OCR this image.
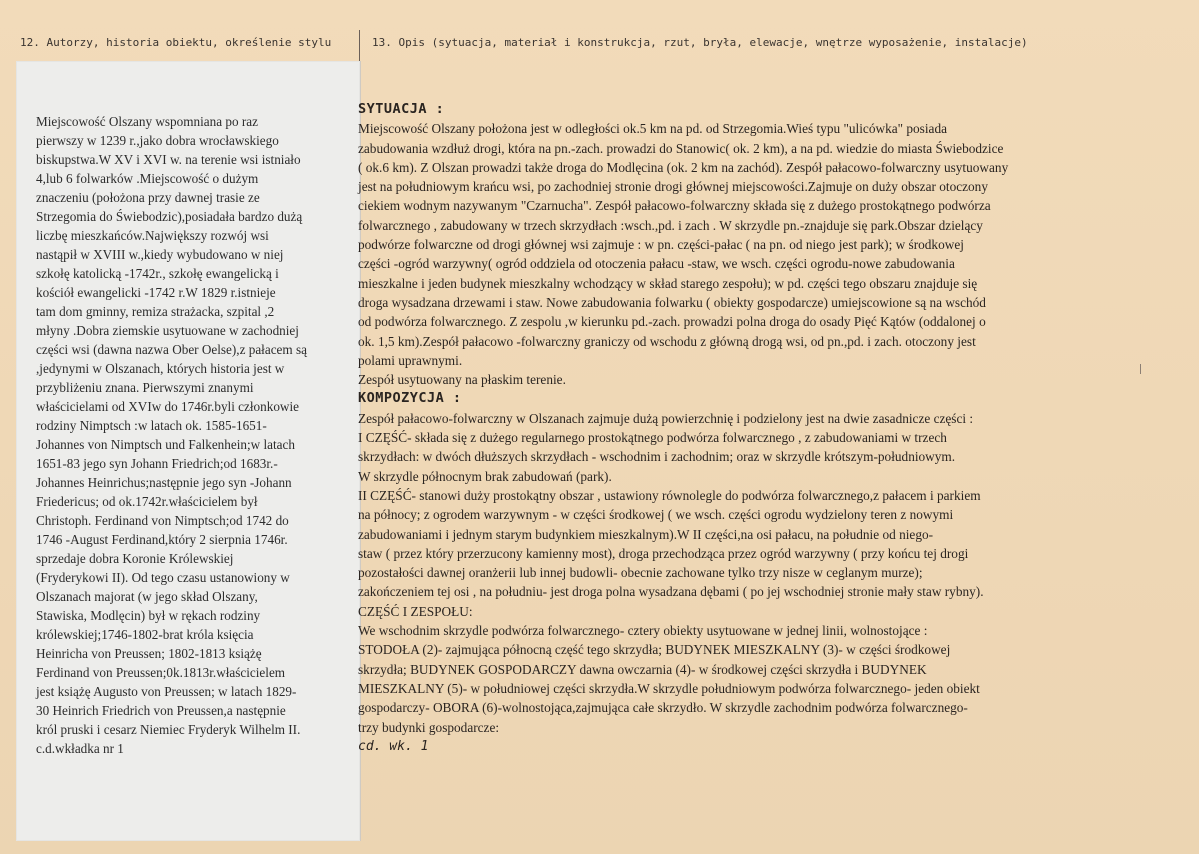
12. Autorzy, historia obiektu, określenie stylu	13. Opis (sytuacja, materiał i konstrukcja, rzut, bryła, elewacje, wnętrze wyposażenie, instalacje)
Miejscowość Olszany wspomniana po raz
pierwszy w 1239 r.,jako dobra wrocławskiego
biskupstwa.W XV i XVI w. na terenie wsi istniało
4,lub 6 folwarków .Miejscowość o dużym
znaczeniu (położona przy dawnej trasie ze
Strzegomia do Świebodzic),posiadała bardzo dużą
liczbę mieszkańców.Największy rozwój wsi
nastąpił w XVIII w.,kiedy wybudowano w niej
szkołę katolicką -1742r., szkołę ewangelicką i
kościół ewangelicki -1742 r.W 1829 r.istnieje
tam dom gminny, remiza strażacka, szpital ,2
młyny .Dobra ziemskie usytuowane w zachodniej
części wsi (dawna nazwa Ober Oelse),z pałacem są
,jedynymi w Olszanach, których historia jest w
przybliżeniu znana. Pierwszymi znanymi
właścicielami od XVIw do 1746r.byli członkowie
rodziny Nimptsch :w latach ok. 1585-1651-
Johannes von Nimptsch und Falkenhein;w latach
1651-83 jego syn Johann Friedrich;od 1683r.-
Johannes Heinrichus;następnie jego syn -Johann
Friedericus; od ok.1742r.właścicielem był
Christoph. Ferdinand von Nimptsch;od 1742 do
1746 -August Ferdinand,który 2 sierpnia 1746r.
sprzedaje dobra Koronie Królewskiej
(Fryderykowi II). Od tego czasu ustanowiony w
Olszanach majorat (w jego skład Olszany,
Stawiska, Modlęcin) był w rękach rodziny
królewskiej;1746-1802-brat króla księcia
Heinricha von Preussen; 1802-1813 książę
Ferdinand von Preussen;0k.1813r.właścicielem
jest książę Augusto von Preussen; w latach 1829-
30 Heinrich Friedrich von Preussen,a następnie
król pruski i cesarz Niemiec Fryderyk Wilhelm II.
c.d.wkładka nr 1
SYTUACJA :
Miejscowość Olszany położona jest w odległości ok.5 km na pd. od Strzegomia.Wieś typu "ulicówka" posiada
zabudowania wzdłuż drogi, która na pn.-zach. prowadzi do Stanowic( ok. 2 km), a na pd. wiedzie do miasta Świebodzice
( ok.6 km). Z Olszan prowadzi także droga do Modlęcina (ok. 2 km na zachód). Zespół pałacowo-folwarczny usytuowany
jest na południowym krańcu wsi, po zachodniej stronie drogi głównej miejscowości.Zajmuje on duży obszar otoczony
ciekiem wodnym nazywanym "Czarnucha". Zespół pałacowo-folwarczny składa się z dużego prostokątnego podwórza
folwarcznego , zabudowany w trzech skrzydłach :wsch.,pd. i zach . W skrzydle pn.-znajduje się park.Obszar dzielący
podwórze folwarczne od drogi głównej wsi zajmuje : w pn. części-pałac ( na pn. od niego jest park); w środkowej
części -ogród warzywny( ogród oddziela od otoczenia pałacu -staw, we wsch. części ogrodu-nowe zabudowania
mieszkalne i jeden budynek mieszkalny wchodzący w skład starego zespołu); w pd. części tego obszaru znajduje się
droga wysadzana drzewami i staw. Nowe zabudowania folwarku ( obiekty gospodarcze) umiejscowione są na wschód
od podwórza folwarcznego. Z zespolu ,w kierunku pd.-zach. prowadzi polna droga do osady Pięć Kątów (oddalonej o
ok. 1,5 km).Zespół pałacowo -folwarczny graniczy od wschodu z główną drogą wsi, od pn.,pd. i zach. otoczony jest
polami uprawnymi.
Zespół usytuowany na płaskim terenie.
KOMPOZYCJA :
Zespół pałacowo-folwarczny w Olszanach zajmuje dużą powierzchnię i podzielony jest na dwie zasadnicze części :
I CZĘŚĆ- składa się z dużego regularnego prostokątnego podwórza folwarcznego , z zabudowaniami w trzech
skrzydłach: w dwóch dłuższych skrzydłach - wschodnim i zachodnim; oraz w skrzydle krótszym-południowym.
W skrzydle północnym brak zabudowań (park).
II CZĘŚĆ- stanowi duży prostokątny obszar , ustawiony równolegle do podwórza folwarcznego,z pałacem i parkiem
na północy; z ogrodem warzywnym - w części środkowej ( we wsch. części ogrodu wydzielony teren z nowymi
zabudowaniami i jednym starym budynkiem mieszkalnym).W II części,na osi pałacu, na południe od niego-
staw ( przez który przerzucony kamienny most), droga przechodząca przez ogród warzywny ( przy końcu tej drogi
pozostałości dawnej oranżerii lub innej budowli- obecnie zachowane tylko trzy nisze w ceglanym murze);
zakończeniem tej osi , na południu- jest droga polna wysadzana dębami ( po jej wschodniej stronie mały staw rybny).
CZĘŚĆ I ZESPOŁU:
We wschodnim skrzydle podwórza folwarcznego- cztery obiekty usytuowane w jednej linii, wolnostojące :
STODOŁA (2)- zajmująca północną część tego skrzydła; BUDYNEK MIESZKALNY (3)- w części środkowej
skrzydła; BUDYNEK GOSPODARCZY dawna owczarnia (4)- w środkowej części skrzydła i BUDYNEK
MIESZKALNY (5)- w południowej części skrzydła.W skrzydle południowym podwórza folwarcznego- jeden obiekt
gospodarczy- OBORA (6)-wolnostojąca,zajmująca całe skrzydło. W skrzydle zachodnim podwórza folwarcznego-
trzy budynki gospodarcze:
cd. wk. 1
